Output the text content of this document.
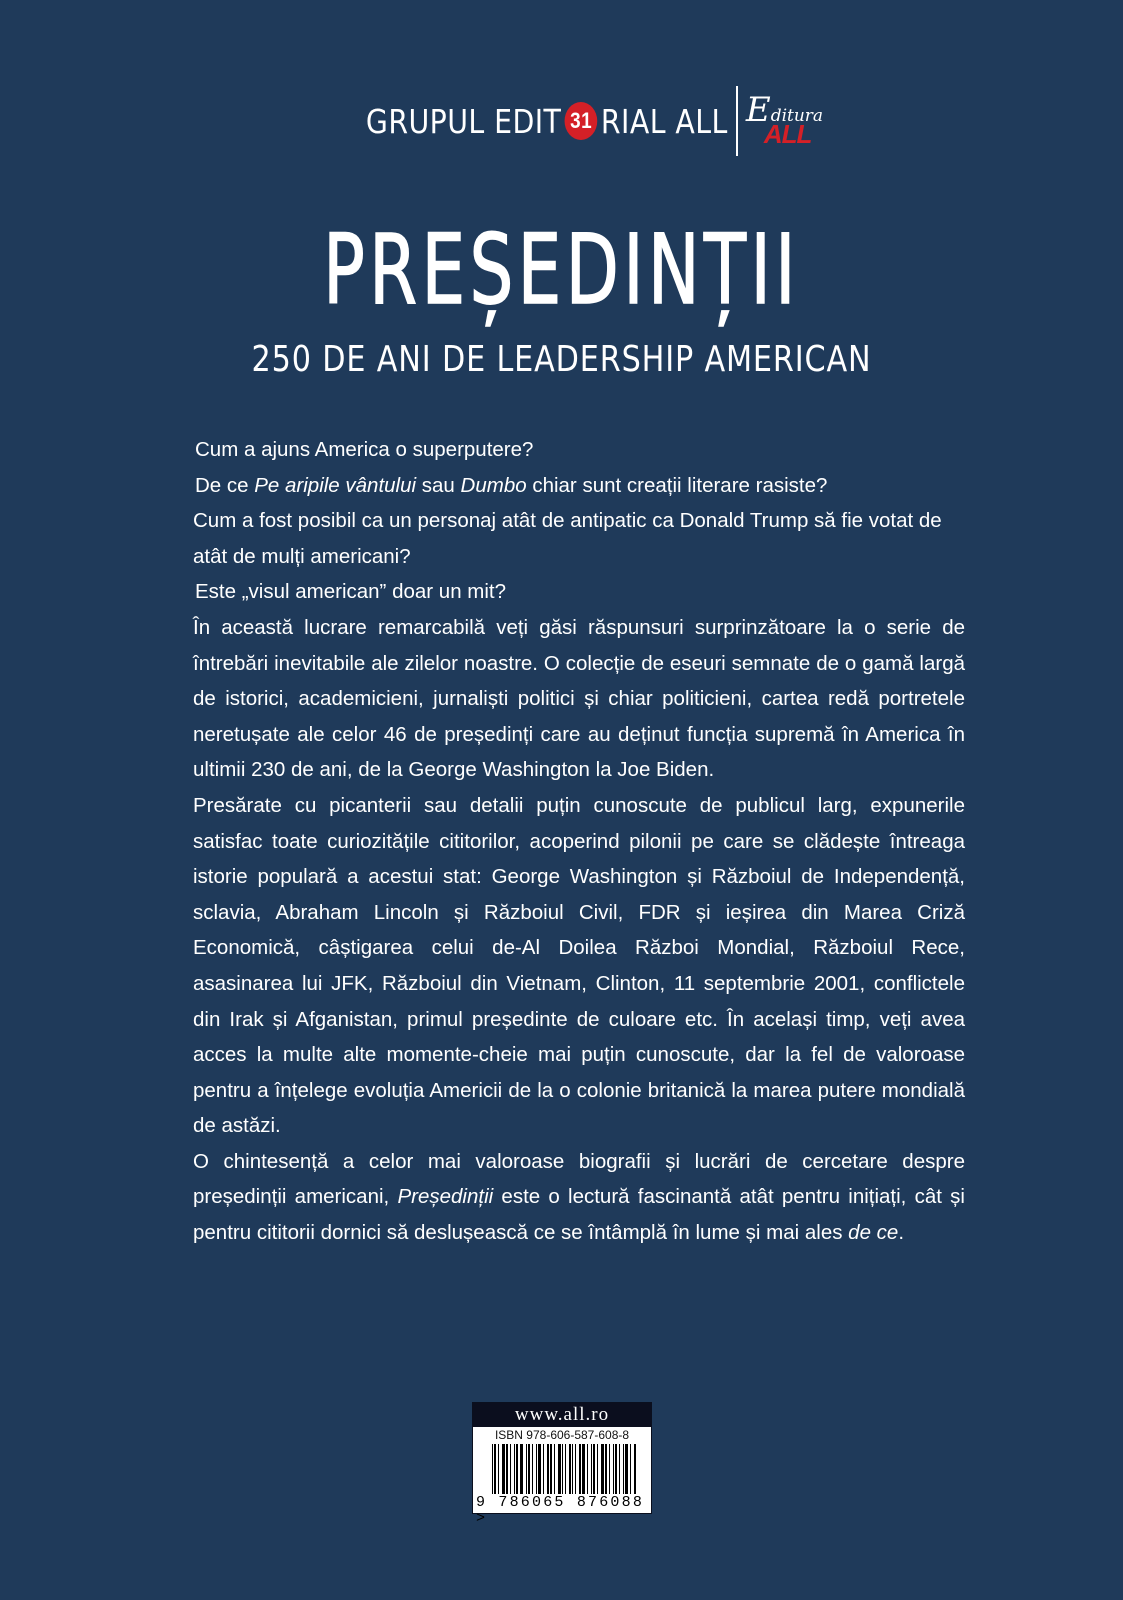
GRUPUL EDIT 31 RIAL ALL Editura
ALL
PREȘEDINȚII
250 DE ANI DE LEADERSHIP AMERICAN

Cum a ajuns America o superputere?

De ce Pe aripile vântului sau Dumbo chiar sunt creații literare rasiste?

Cum a fost posibil ca un personaj atât de antipatic ca Donald Trump să fie votat de atât de mulți americani?

Este „visul american” doar un mit?

În această lucrare remarcabilă veți găsi răspunsuri surprinzătoare la o serie de întrebări inevitabile ale zilelor noastre. O colecție de eseuri semnate de o gamă largă de istorici, academicieni, jurnaliști politici și chiar politicieni, cartea redă portretele neretușate ale celor 46 de președinți care au deținut funcția supremă în America în ultimii 230 de ani, de la George Washington la Joe Biden.

Presărate cu picanterii sau detalii puțin cunoscute de publicul larg, expunerile satisfac toate curiozitățile cititorilor, acoperind pilonii pe care se clădește întreaga istorie populară a acestui stat: George Washington și Războiul de Independență, sclavia, Abraham Lincoln și Războiul Civil, FDR și ieșirea din Marea Criză Economică, câștigarea celui de-Al Doilea Război Mondial, Războiul Rece, asasinarea lui JFK, Războiul din Vietnam, Clinton, 11 septembrie 2001, conflictele din Irak și Afganistan, primul președinte de culoare etc. În același timp, veți avea acces la multe alte momente-cheie mai puțin cunoscute, dar la fel de valoroase pentru a înțelege evoluția Americii de la o colonie britanică la marea putere mondială de astăzi.

O chintesență a celor mai valoroase biografii și lucrări de cercetare despre președinții americani, Președinții este o lectură fascinantă atât pentru inițiați, cât și pentru cititorii dornici să deslușească ce se întâmplă în lume și mai ales de ce.

www.all.ro
ISBN 978-606-587-608-8
9 786065 876088 >
